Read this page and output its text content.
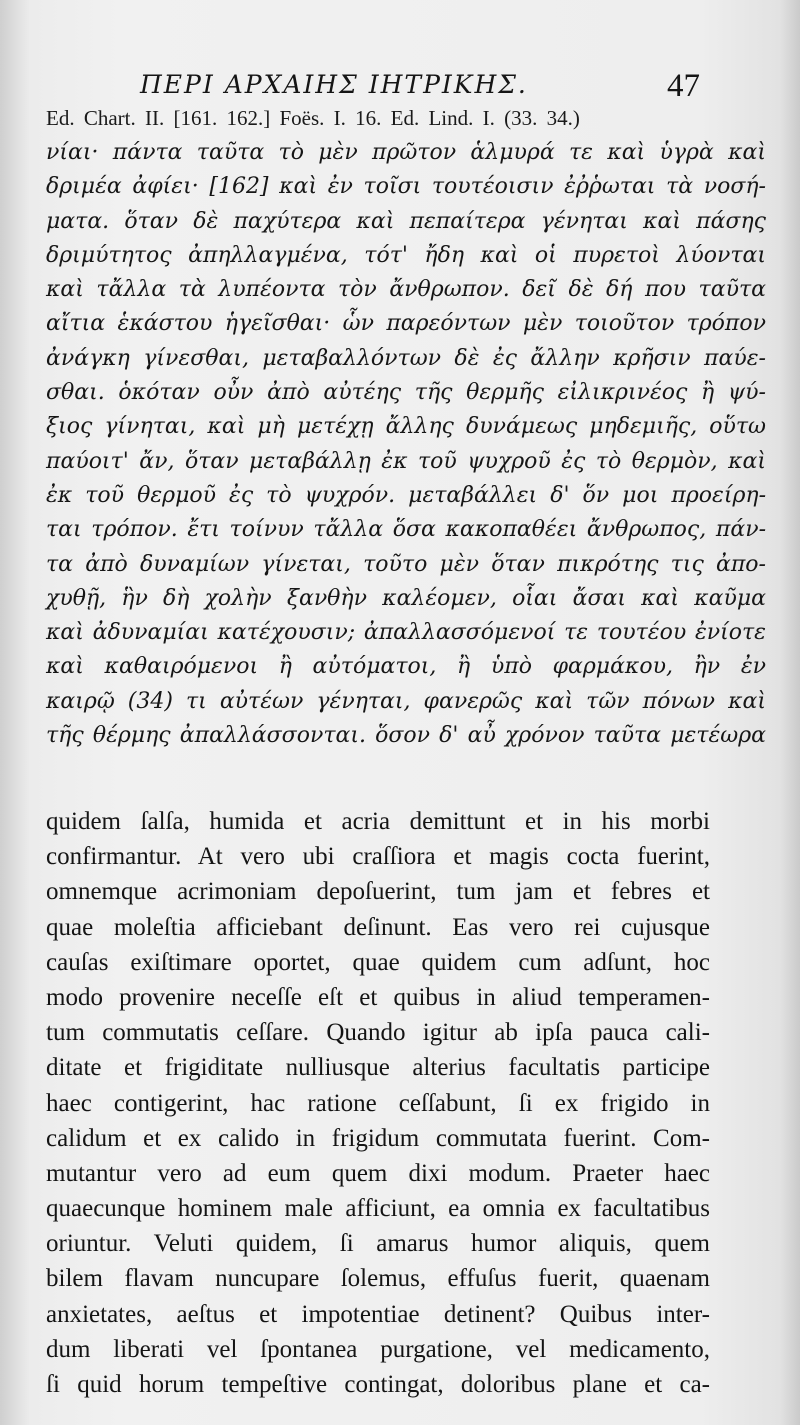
ΠΕΡΙ ΑΡΧΑΙΗΣ ΙΗΤΡΙΚΗΣ.	47
Ed. Chart. II. [161. 162.] Foës. I. 16. Ed. Lind. I. (33. 34.)
νίαι· πάντα ταῦτα τὸ μὲν πρῶτον ἁλμυρά τε καὶ ὑγρὰ καὶ
δριμέα ἀφίει· [162] καὶ ἐν τοῖσι τουτέοισιν ἐῤῥωται τὰ νοσή-
ματα. ὅταν δὲ παχύτερα καὶ πεπαίτερα γένηται καὶ πάσης
δριμύτητος ἀπηλλαγμένα, τότ' ἤδη καὶ οἱ πυρετοὶ λύονται
καὶ τἄλλα τὰ λυπέοντα τὸν ἄνθρωπον. δεῖ δὲ δή που ταῦτα
αἴτια ἑκάστου ἡγεῖσθαι· ὧν παρεόντων μὲν τοιοῦτον τρόπον
ἀνάγκη γίνεσθαι, μεταβαλλόντων δὲ ἐς ἄλλην κρῆσιν παύε-
σθαι. ὁκόταν οὖν ἀπὸ αὐτέης τῆς θερμῆς εἰλικρινέος ἢ ψύ-
ξιος γίνηται, καὶ μὴ μετέχῃ ἄλλης δυνάμεως μηδεμιῆς, οὕτω
παύοιτ' ἄν, ὅταν μεταβάλλῃ ἐκ τοῦ ψυχροῦ ἐς τὸ θερμὸν, καὶ
ἐκ τοῦ θερμοῦ ἐς τὸ ψυχρόν. μεταβάλλει δ' ὅν μοι προείρη-
ται τρόπον. ἔτι τοίνυν τἄλλα ὅσα κακοπαθέει ἄνθρωπος, πάν-
τα ἀπὸ δυναμίων γίνεται, τοῦτο μὲν ὅταν πικρότης τις ἀπο-
χυθῇ, ἣν δὴ χολὴν ξανθὴν καλέομεν, οἷαι ἄσαι καὶ καῦμα
καὶ ἀδυναμίαι κατέχουσιν; ἀπαλλασσόμενοί τε τουτέου ἐνίοτε
καὶ καθαιρόμενοι ἢ αὐτόματοι, ἢ ὑπὸ φαρμάκου, ἢν ἐν
καιρῷ (34) τι αὐτέων γένηται, φανερῶς καὶ τῶν πόνων καὶ
τῆς θέρμης ἀπαλλάσσονται. ὅσον δ' αὖ χρόνον ταῦτα μετέωρα
quidem ſalſa, humida et acria demittunt et in his morbi
confirmantur. At vero ubi craſſiora et magis cocta fuerint,
omnemque acrimoniam depoſuerint, tum jam et febres et
quae moleſtia afficiebant deſinunt. Eas vero rei cujusque
cauſas exiſtimare oportet, quae quidem cum adſunt, hoc
modo provenire neceſſe eſt et quibus in aliud temperamen-
tum commutatis ceſſare. Quando igitur ab ipſa pauca cali-
ditate et frigiditate nulliusque alterius facultatis participe
haec contigerint, hac ratione ceſſabunt, ſi ex frigido in
calidum et ex calido in frigidum commutata fuerint. Com-
mutantur vero ad eum quem dixi modum. Praeter haec
quaecunque hominem male afficiunt, ea omnia ex facultatibus
oriuntur. Veluti quidem, ſi amarus humor aliquis, quem
bilem flavam nuncupare ſolemus, effuſus fuerit, quaenam
anxietates, aeſtus et impotentiae detinent? Quibus inter-
dum liberati vel ſpontanea purgatione, vel medicamento,
ſi quid horum tempeſtive contingat, doloribus plane et ca-
